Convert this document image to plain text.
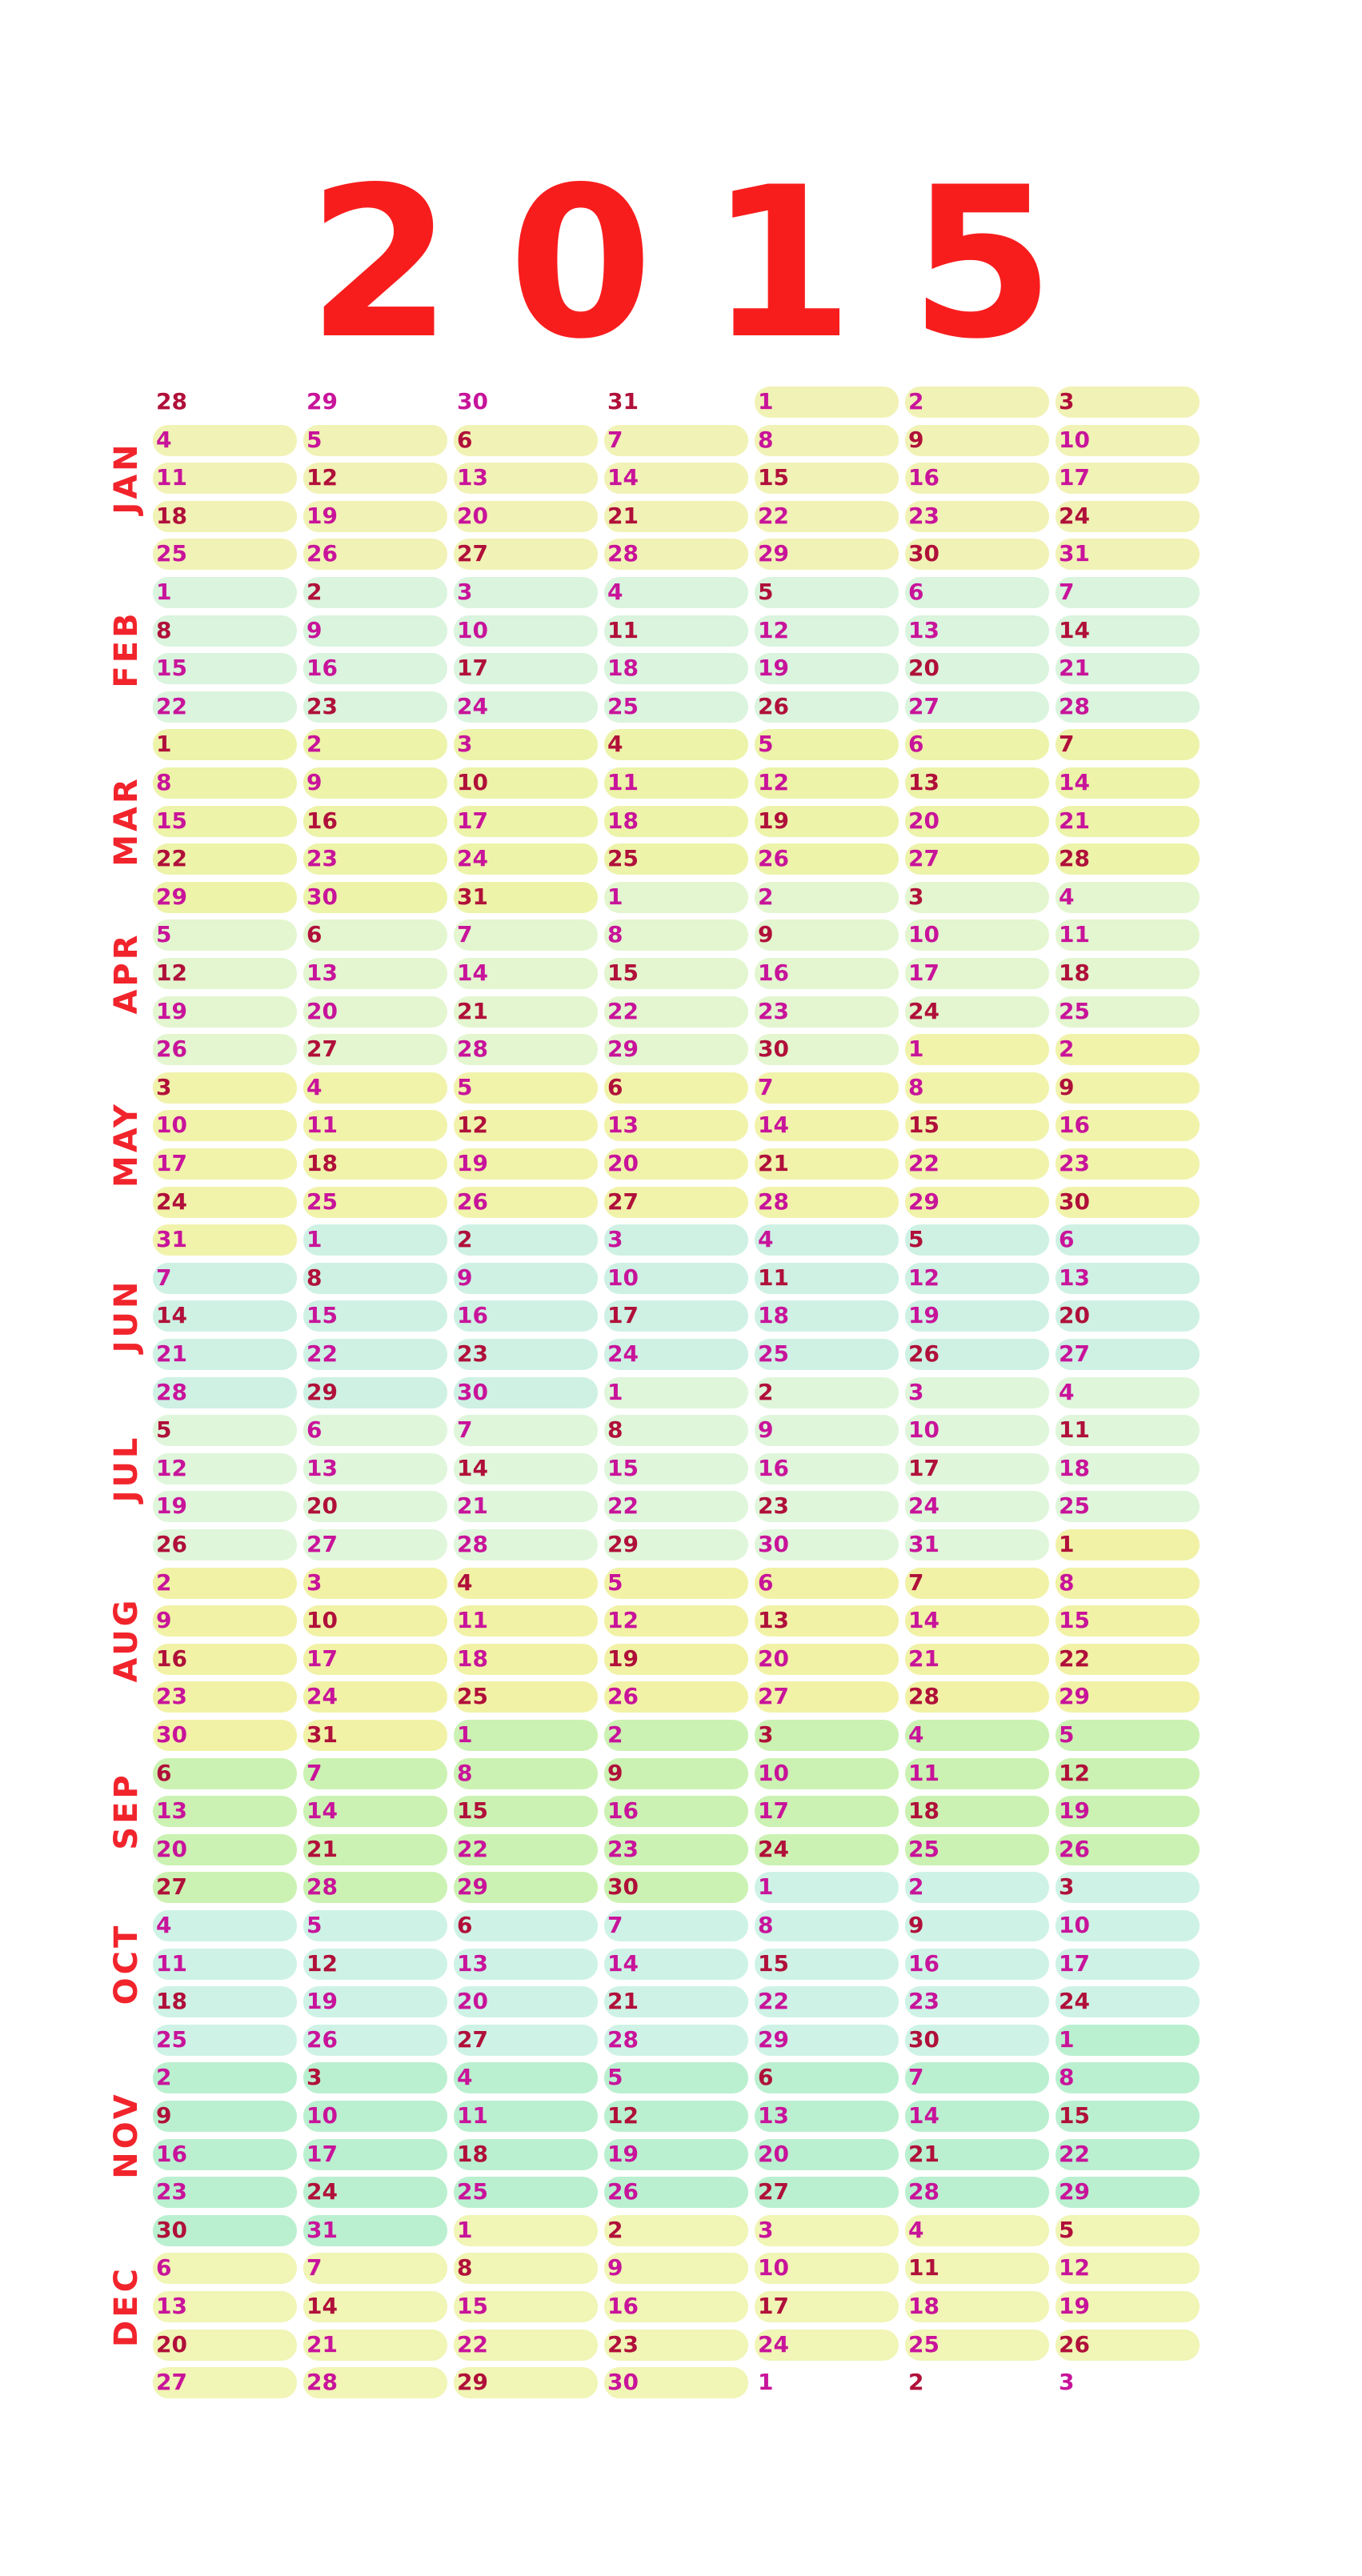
2015
28	29	30	31	1	2	3
4	5	6	7	8	9	10
11	12	13	14	15	16	17
18	19	20	21	22	23	24
25	26	27	28	29	30	31
1	2	3	4	5	6	7
8	9	10	11	12	13	14
15	16	17	18	19	20	21
22	23	24	25	26	27	28
1	2	3	4	5	6	7
8	9	10	11	12	13	14
15	16	17	18	19	20	21
22	23	24	25	26	27	28
29	30	31	1	2	3	4
5	6	7	8	9	10	11
12	13	14	15	16	17	18
19	20	21	22	23	24	25
26	27	28	29	30	1	2
3	4	5	6	7	8	9
10	11	12	13	14	15	16
17	18	19	20	21	22	23
24	25	26	27	28	29	30
31	1	2	3	4	5	6
7	8	9	10	11	12	13
14	15	16	17	18	19	20
21	22	23	24	25	26	27
28	29	30	1	2	3	4
5	6	7	8	9	10	11
12	13	14	15	16	17	18
19	20	21	22	23	24	25
26	27	28	29	30	31	1
2	3	4	5	6	7	8
9	10	11	12	13	14	15
16	17	18	19	20	21	22
23	24	25	26	27	28	29
30	31	1	2	3	4	5
6	7	8	9	10	11	12
13	14	15	16	17	18	19
20	21	22	23	24	25	26
27	28	29	30	1	2	3
4	5	6	7	8	9	10
11	12	13	14	15	16	17
18	19	20	21	22	23	24
25	26	27	28	29	30	1
2	3	4	5	6	7	8
9	10	11	12	13	14	15
16	17	18	19	20	21	22
23	24	25	26	27	28	29
30	31	1	2	3	4	5
6	7	8	9	10	11	12
13	14	15	16	17	18	19
20	21	22	23	24	25	26
27	28	29	30	1	2	3
JAN
FEB
MAR
APR
MAY
JUN
JUL
AUG
SEP
OCT
NOV
DEC
